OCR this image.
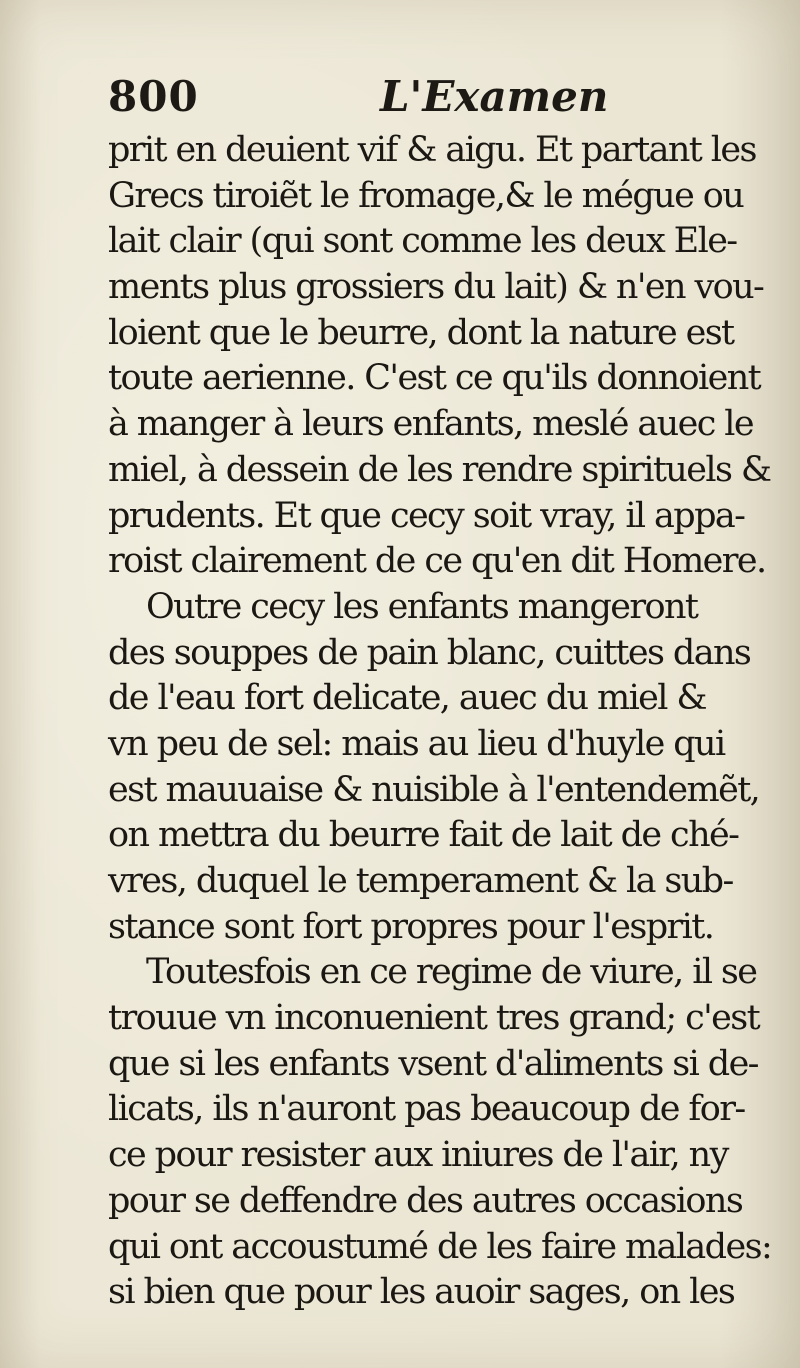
800	L'Examen
prit en deuient vif & aigu. Et partant les
Grecs tiroiẽt le fromage,& le mégue ou
lait clair (qui sont comme les deux Ele-
ments plus grossiers du lait) & n'en vou-
loient que le beurre, dont la nature est
toute aerienne. C'est ce qu'ils donnoient
à manger à leurs enfants, meslé auec le
miel, à dessein de les rendre spirituels &
prudents. Et que cecy soit vray, il appa-
roist clairement de ce qu'en dit Homere.
Outre cecy les enfants mangeront
des souppes de pain blanc, cuittes dans
de l'eau fort delicate, auec du miel &
vn peu de sel: mais au lieu d'huyle qui
est mauuaise & nuisible à l'entendemẽt,
on mettra du beurre fait de lait de ché-
vres, duquel le temperament & la sub-
stance sont fort propres pour l'esprit.
Toutesfois en ce regime de viure, il se
trouue vn inconuenient tres grand; c'est
que si les enfants vsent d'aliments si de-
licats, ils n'auront pas beaucoup de for-
ce pour resister aux iniures de l'air, ny
pour se deffendre des autres occasions
qui ont accoustumé de les faire malades:
si bien que pour les auoir sages, on les
